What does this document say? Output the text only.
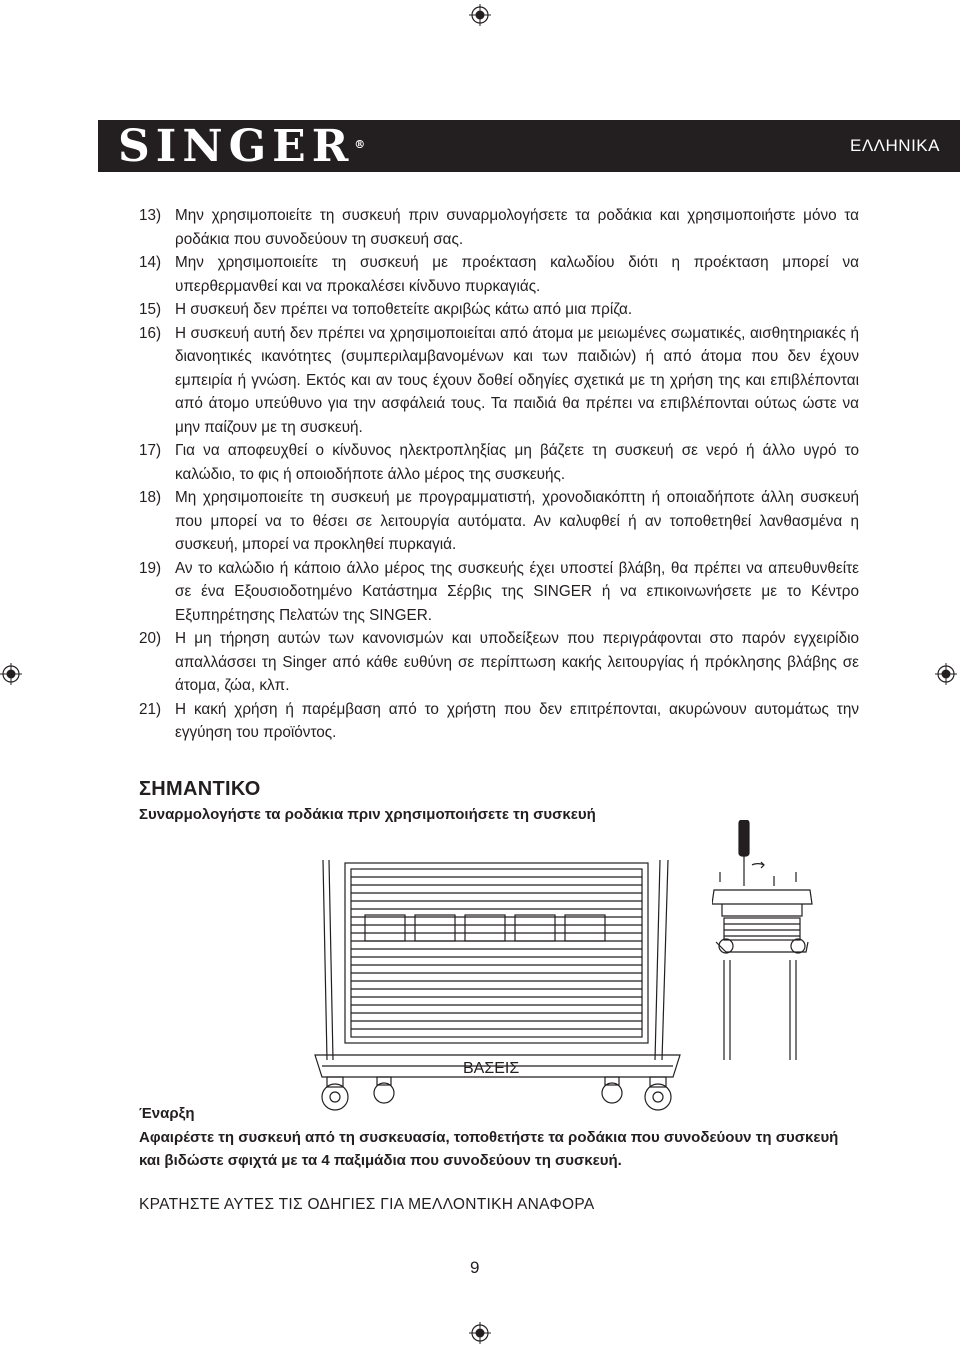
SINGER®	ΕΛΛΗΝΙΚΑ
13) Μην χρησιμοποιείτε τη συσκευή πριν συναρμολογήσετε τα ροδάκια και χρησιμοποιήστε μόνο τα ροδάκια που συνοδεύουν τη συσκευή σας.
14) Μην χρησιμοποιείτε τη συσκευή με προέκταση καλωδίου διότι η προέκταση μπορεί να υπερθερμανθεί και να προκαλέσει κίνδυνο πυρκαγιάς.
15) Η συσκευή δεν πρέπει να τοποθετείτε ακριβώς κάτω από μια πρίζα.
16) Η συσκευή αυτή δεν πρέπει να χρησιμοποιείται από άτομα με μειωμένες σωματικές, αισθητηριακές ή διανοητικές ικανότητες (συμπεριλαμβανομένων και των παιδιών) ή από άτομα που δεν έχουν εμπειρία ή γνώση. Εκτός και αν τους έχουν δοθεί οδηγίες σχετικά με τη χρήση της και επιβλέπονται από άτομο υπεύθυνο για την ασφάλειά τους. Τα παιδιά θα πρέπει να επιβλέπονται ούτως ώστε να μην παίζουν με τη συσκευή.
17) Για να αποφευχθεί ο κίνδυνος ηλεκτροπληξίας μη βάζετε τη συσκευή σε νερό ή άλλο υγρό το καλώδιο, το φις ή οποιοδήποτε άλλο μέρος της συσκευής.
18) Μη χρησιμοποιείτε τη συσκευή με προγραμματιστή, χρονοδιακόπτη ή οποιαδήποτε άλλη συσκευή που μπορεί να το θέσει σε λειτουργία αυτόματα. Αν καλυφθεί ή αν τοποθετηθεί λανθασμένα η συσκευή, μπορεί να προκληθεί πυρκαγιά.
19) Αν το καλώδιο ή κάποιο άλλο μέρος της συσκευής έχει υποστεί βλάβη, θα πρέπει να απευθυνθείτε σε ένα Εξουσιοδοτημένο Κατάστημα Σέρβις της SINGER ή να επικοινωνήσετε με το Κέντρο Εξυπηρέτησης Πελατών της SINGER.
20) Η μη τήρηση αυτών των κανονισμών και υποδείξεων που περιγράφονται στο παρόν εγχειρίδιο απαλλάσσει τη Singer από κάθε ευθύνη σε περίπτωση κακής λειτουργίας ή πρόκλησης βλάβης σε άτομα, ζώα, κλπ.
21) Η κακή χρήση ή παρέμβαση από το χρήστη που δεν επιτρέπονται, ακυρώνουν αυτομάτως την εγγύηση του προϊόντος.
ΣΗΜΑΝΤΙΚΟ
Συναρμολογήστε τα ροδάκια πριν χρησιμοποιήσετε τη συσκευή
ΒΑΣΕΙΣ
Έναρξη
Αφαιρέστε τη συσκευή από τη συσκευασία, τοποθετήστε τα ροδάκια που συνοδεύουν τη συσκευή και βιδώστε σφιχτά με τα 4 παξιμάδια που συνοδεύουν τη συσκευή.
ΚΡΑΤΗΣΤΕ ΑΥΤΕΣ ΤΙΣ ΟΔΗΓΙΕΣ ΓΙΑ ΜΕΛΛΟΝΤΙΚΗ ΑΝΑΦΟΡΑ
9
